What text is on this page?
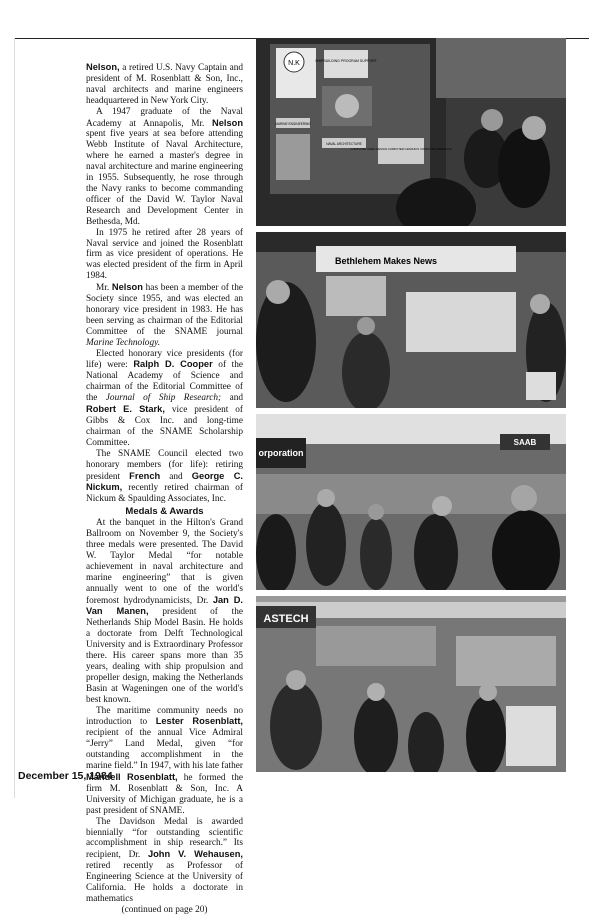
Nelson, a retired U.S. Navy Captain and president of M. Rosenblatt & Son, Inc., naval architects and marine engineers headquartered in New York City.

A 1947 graduate of the Naval Academy at Annapolis, Mr. Nelson spent five years at sea before attending Webb Institute of Naval Architecture, where he earned a master's degree in naval architecture and marine engineering in 1955. Subsequently, he rose through the Navy ranks to become commanding officer of the David W. Taylor Naval Research and Development Center in Bethesda, Md.

In 1975 he retired after 28 years of Naval service and joined the Rosenblatt firm as vice president of operations. He was elected president of the firm in April 1984.

Mr. Nelson has been a member of the Society since 1955, and was elected an honorary vice president in 1983. He has been serving as chairman of the Editorial Committee of the SNAME journal Marine Technology.

Elected honorary vice presidents (for life) were: Ralph D. Cooper of the National Academy of Science and chairman of the Editorial Committee of the Journal of Ship Research; and Robert E. Stark, vice president of Gibbs & Cox Inc. and long-time chairman of the SNAME Scholarship Committee.

The SNAME Council elected two honorary members (for life): retiring president French and George C. Nickum, recently retired chairman of Nickum & Spaulding Associates, Inc.

Medals & Awards

At the banquet in the Hilton's Grand Ballroom on November 9, the Society's three medals were presented. The David W. Taylor Medal “for notable achievement in naval architecture and marine engineering” that is given annually went to one of the world's foremost hydrodynamicists, Dr. Jan D. Van Manen, president of the Netherlands Ship Model Basin. He holds a doctorate from Delft Technological University and is Extraordinary Professor there. His career spans more than 35 years, dealing with ship propulsion and propeller design, making the Netherlands Basin at Wageningen one of the world's best known.

The maritime community needs no introduction to Lester Rosenblatt, recipient of the annual Vice Admiral “Jerry” Land Medal, given “for outstanding accomplishment in the marine field.” In 1947, with his late father Mandell Rosenblatt, he formed the firm M. Rosenblatt & Son, Inc. A University of Michigan graduate, he is a past president of SNAME.

The Davidson Medal is awarded biennially “for outstanding scientific accomplishment in ship research.” Its recipient, Dr. John V. Wehausen, retired recently as Professor of Engineering Science at the University of California. He holds a doctorate in mathematics

(continued on page 20)

December 15, 1984
N.K	SHIPBUILDING PROGRAM SUPPORT
MARINE ENGINEERING
NAVAL ARCHITECTURE
COMPUTER AIDED DESIGN COMPUTER GRAPHICS COMPUTER MODELING
Bethlehem Makes News
orporation
SAAB
ASTECH
